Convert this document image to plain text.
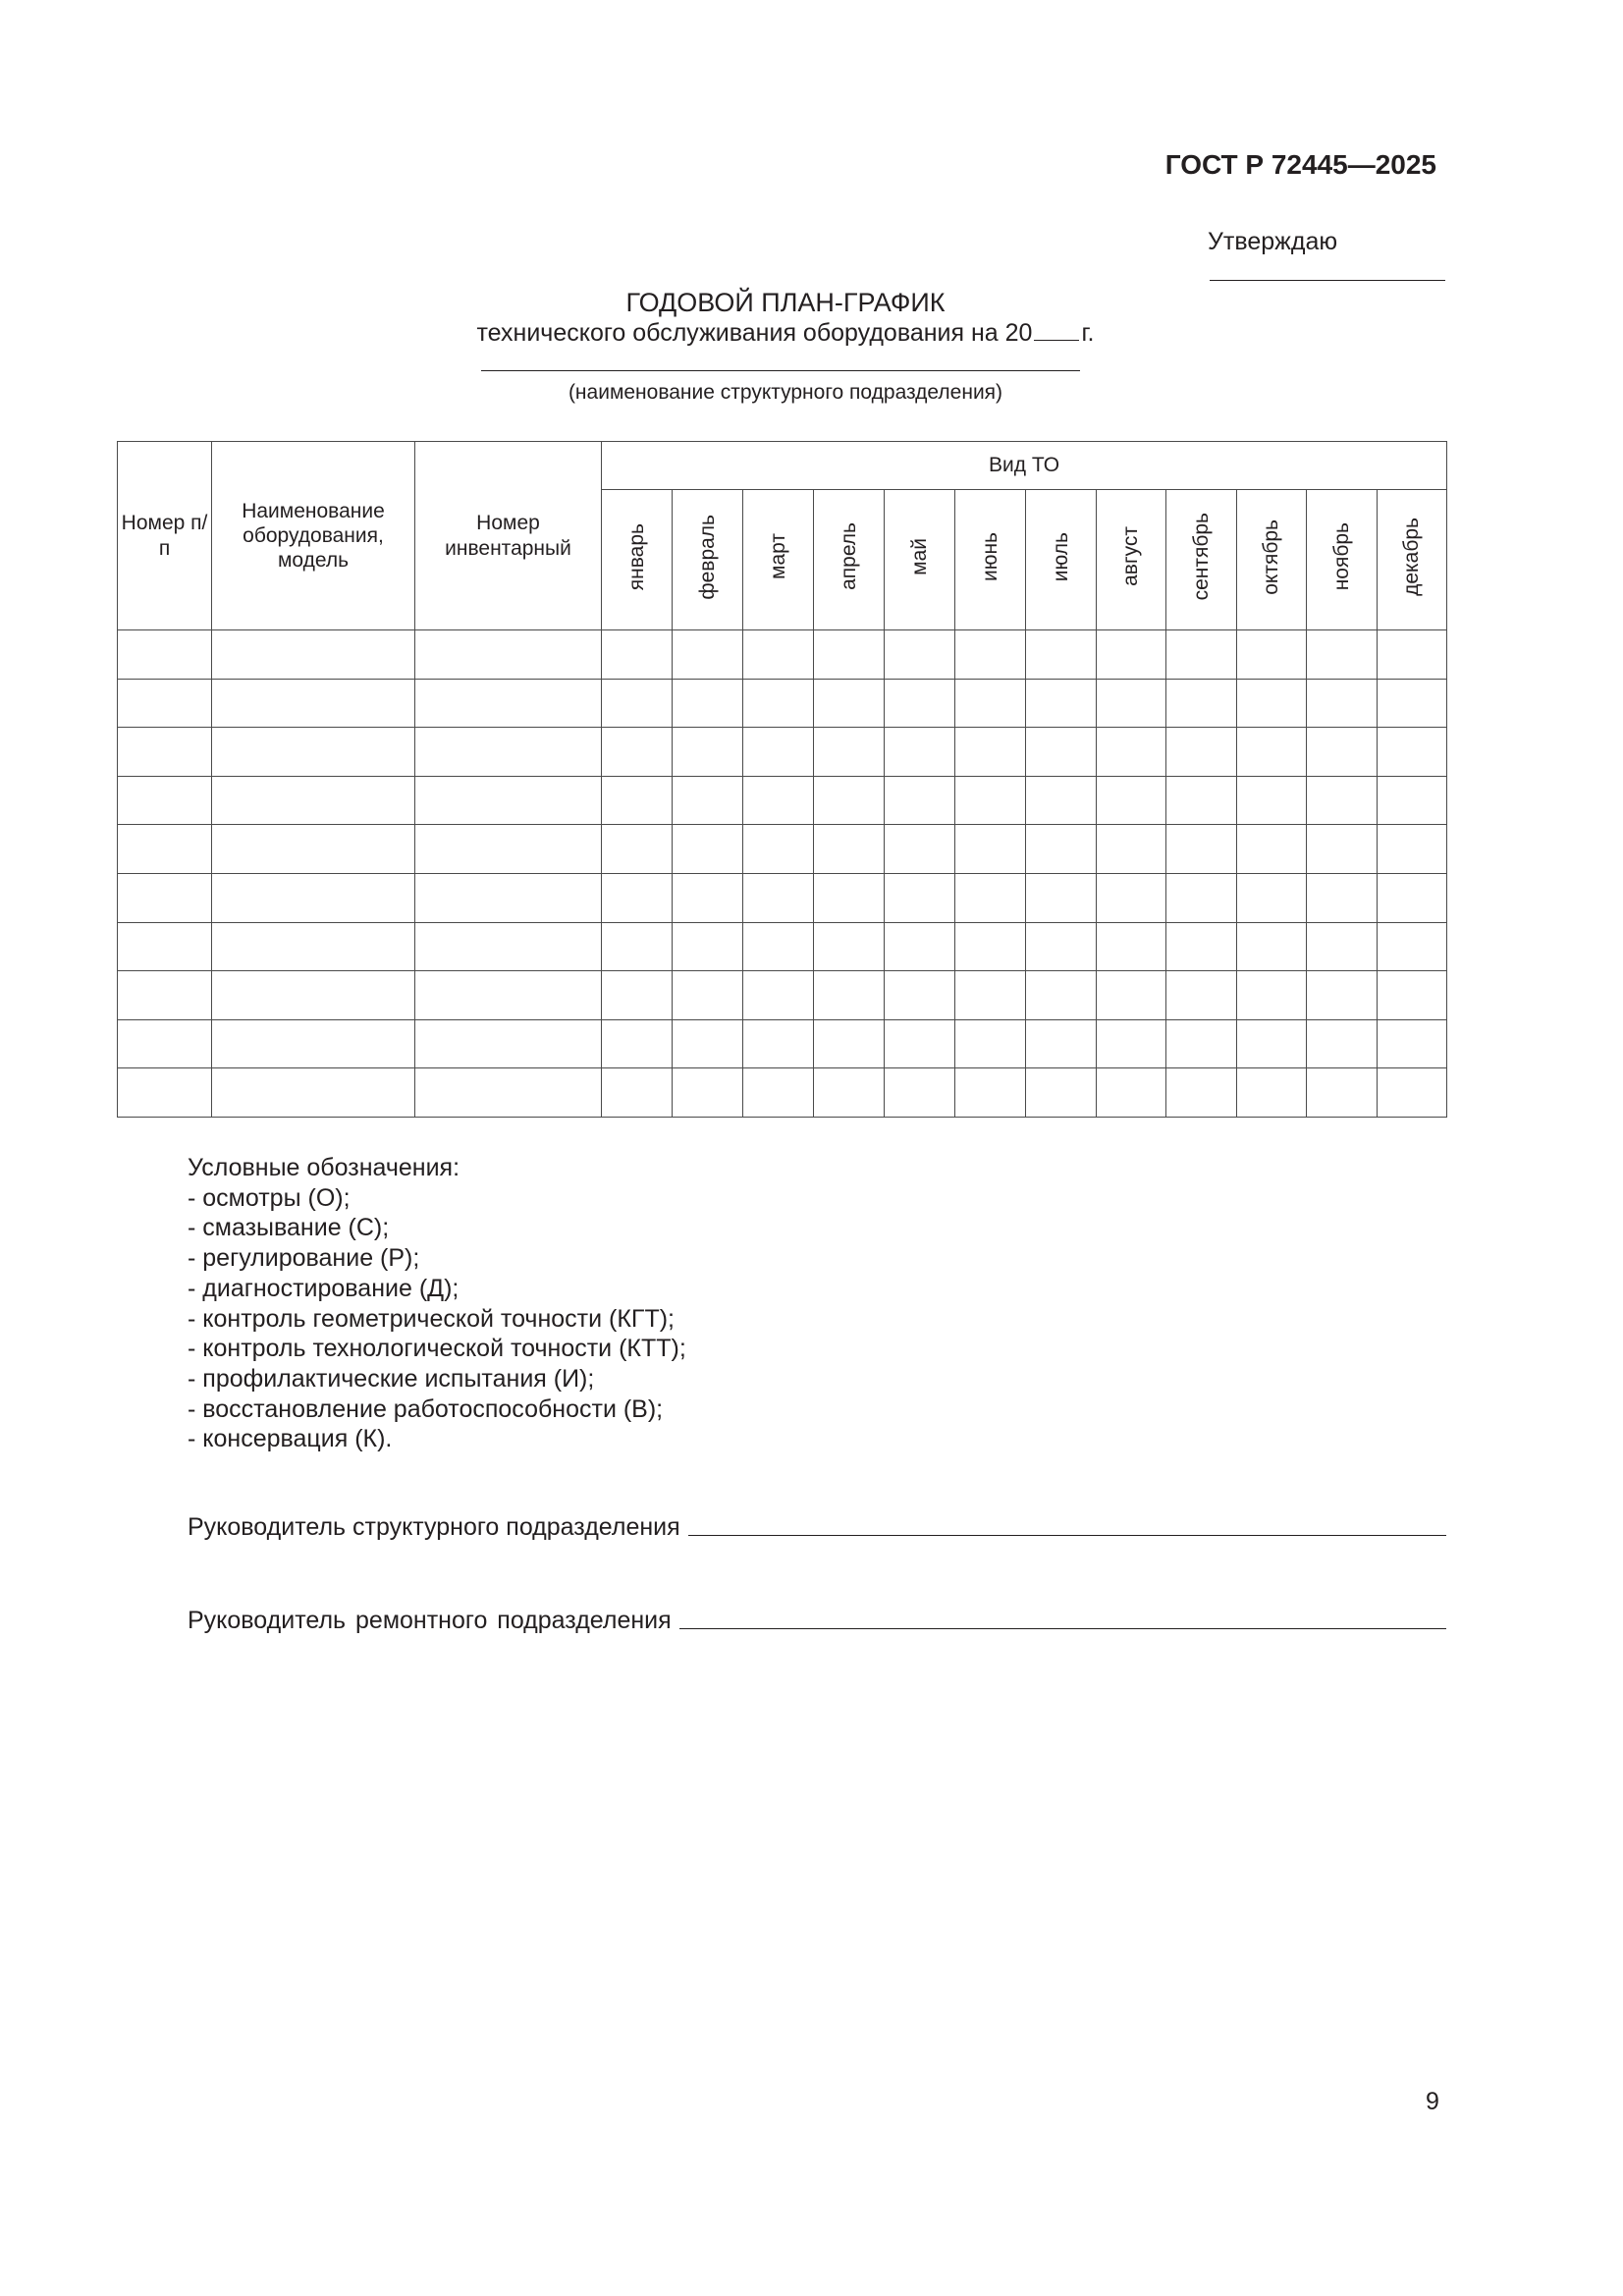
ГОСТ Р 72445—2025
Утверждаю
ГОДОВОЙ ПЛАН-ГРАФИК
технического обслуживания оборудования на 20 г.
(наименование структурного подразделения)
Номер п/п	Наименование оборудования, модель	Номер инвентарный	Вид ТО											
			январь	февраль	март	апрель	май	июнь	июль	август	сентябрь	октябрь	ноябрь	декабрь

Условные обозначения:
- осмотры (О);
- смазывание (С);
- регулирование (Р);
- диагностирование (Д);
- контроль геометрической точности (КГТ);
- контроль технологической точности (КТТ);
- профилактические испытания (И);
- восстановление работоспособности (В);
- консервация (К).
Руководитель структурного подразделения
Руководитель ремонтного подразделения
9
